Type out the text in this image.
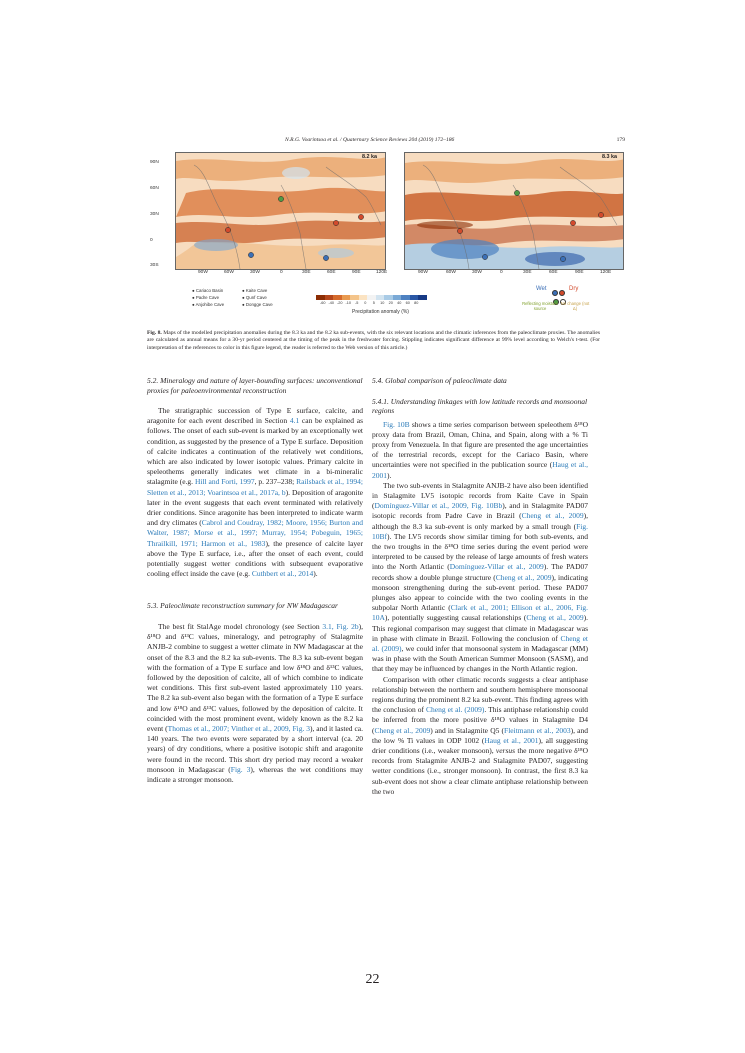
N.R.G. Voarintsoa et al. / Quaternary Science Reviews 204 (2019) 172–186	179
8.2 ka	8.3 ka
90N
60N
30N
0
30S
90W	60W	30W	0	30E	60E	90E	120E	90W	60W	30W	0	30E	60E	90E	120E
● Cariaco Basin
● Padre Cave
● Anjohibe Cave
● Kaite Cave
● Qunf Cave
● Dongge Cave	-60 -40 -20 -10 -5	0	5	10 20 40 60 80
Precipitation anomaly (%)
Wet	Dry
Reflecting moisture source
No change (not Δ)
Fig. 8. Maps of the modelled precipitation anomalies during the 8.3 ka and the 8.2 ka sub-events, with the six relevant locations and the climatic inferences from the paleoclimate proxies. The anomalies are calculated as annual means for a 30-yr period centered at the timing of the peak in the freshwater forcing. Stippling indicates significant difference at 99% level according to Welch's t-test. (For interpretation of the references to color in this figure legend, the reader is referred to the Web version of this article.)
5.2. Mineralogy and nature of layer-bounding surfaces: unconventional proxies for paleoenvironmental reconstruction

The stratigraphic succession of Type E surface, calcite, and aragonite for each event described in Section 4.1 can be explained as follows. The onset of each sub-event is marked by an exceptionally wet condition, as suggested by the presence of a Type E surface. Deposition of calcite indicates a continuation of the relatively wet conditions, which are also indicated by lower isotopic values. Primary calcite in speleothems generally indicates wet climate in a bi-mineralic stalagmite (e.g. Hill and Forti, 1997, p. 237–238; Railsback et al., 1994; Sletten et al., 2013; Voarintsoa et al., 2017a, b). Deposition of aragonite later in the event suggests that each event terminated with relatively drier conditions. Since aragonite has been interpreted to indicate warm and dry climates (Cabrol and Coudray, 1982; Moore, 1956; Burton and Walter, 1987; Morse et al., 1997; Murray, 1954; Pobeguin, 1965; Thrailkill, 1971; Harmon et al., 1983), the presence of calcite layer above the Type E surface, i.e., after the onset of each event, could potentially suggest wetter conditions with subsequent evaporative cooling effect inside the cave (e.g. Cuthbert et al., 2014).

5.3. Paleoclimate reconstruction summary for NW Madagascar

The best fit StalAge model chronology (see Section 3.1, Fig. 2b), δ¹⁸O and δ¹³C values, mineralogy, and petrography of Stalagmite ANJB-2 combine to suggest a wetter climate in NW Madagascar at the onset of the 8.3 and the 8.2 ka sub-events. The 8.3 ka sub-event began with the formation of a Type E surface and low δ¹⁸O and δ¹³C values, followed by the deposition of calcite, all of which combine to indicate wet conditions. This first sub-event lasted approximately 110 years. The 8.2 ka sub-event also began with the formation of a Type E surface and low δ¹⁸O and δ¹³C values, followed by the deposition of calcite. It coincided with the most prominent event, widely known as the 8.2 ka event (Thomas et al., 2007; Vinther et al., 2009, Fig. 3), and it lasted ca. 140 years. The two events were separated by a short interval (ca. 20 years) of dry conditions, where a positive isotopic shift and aragonite were found in the record. This short dry period may record a weaker monsoon in Madagascar (Fig. 3), whereas the wet conditions may indicate a stronger monsoon.

5.4. Global comparison of paleoclimate data
5.4.1. Understanding linkages with low latitude records and monsoonal regions

Fig. 10B shows a time series comparison between speleothem δ¹⁸O proxy data from Brazil, Oman, China, and Spain, along with a % Ti proxy from Venezuela. In that figure are presented the age uncertainties of the terrestrial records, except for the Cariaco Basin, where uncertainties were not specified in the publication source (Haug et al., 2001).

The two sub-events in Stalagmite ANJB-2 have also been identified in Stalagmite LV5 isotopic records from Kaite Cave in Spain (Domínguez-Villar et al., 2009, Fig. 10Bb), and in Stalagmite PAD07 isotopic records from Padre Cave in Brazil (Cheng et al., 2009), although the 8.3 ka sub-event is only marked by a small trough (Fig. 10Bf). The LV5 records show similar timing for both sub-events, and the two troughs in the δ¹⁸O time series during the event period were interpreted to be caused by the release of large amounts of fresh waters into the North Atlantic (Domínguez-Villar et al., 2009). The PAD07 records show a double plunge structure (Cheng et al., 2009), indicating monsoon strengthening during the sub-event period. These PAD07 plunges also appear to coincide with the two cooling events in the subpolar North Atlantic (Clark et al., 2001; Ellison et al., 2006, Fig. 10A), potentially suggesting causal relationships (Cheng et al., 2009). This regional comparison may suggest that climate in Madagascar was in phase with climate in Brazil. Following the conclusion of Cheng et al. (2009), we could infer that monsoonal system in Madagascar (MM) was in phase with the South American Summer Monsoon (SASM), and that they may be influenced by changes in the North Atlantic region.

Comparison with other climatic records suggests a clear antiphase relationship between the northern and southern hemisphere monsoonal regions during the prominent 8.2 ka sub-event. This finding agrees with the conclusion of Cheng et al. (2009). This antiphase relationship could be inferred from the more positive δ¹⁸O values in Stalagmite D4 (Cheng et al., 2009) and in Stalagmite Q5 (Fleitmann et al., 2003), and the low % Ti values in ODP 1002 (Haug et al., 2001), all suggesting drier conditions (i.e., weaker monsoon), versus the more negative δ¹⁸O records from Stalagmite ANJB-2 and Stalagmite PAD07, suggesting wetter conditions (i.e., stronger monsoon). In contrast, the first 8.3 ka sub-event does not show a clear climate antiphase relationship between the two

22
